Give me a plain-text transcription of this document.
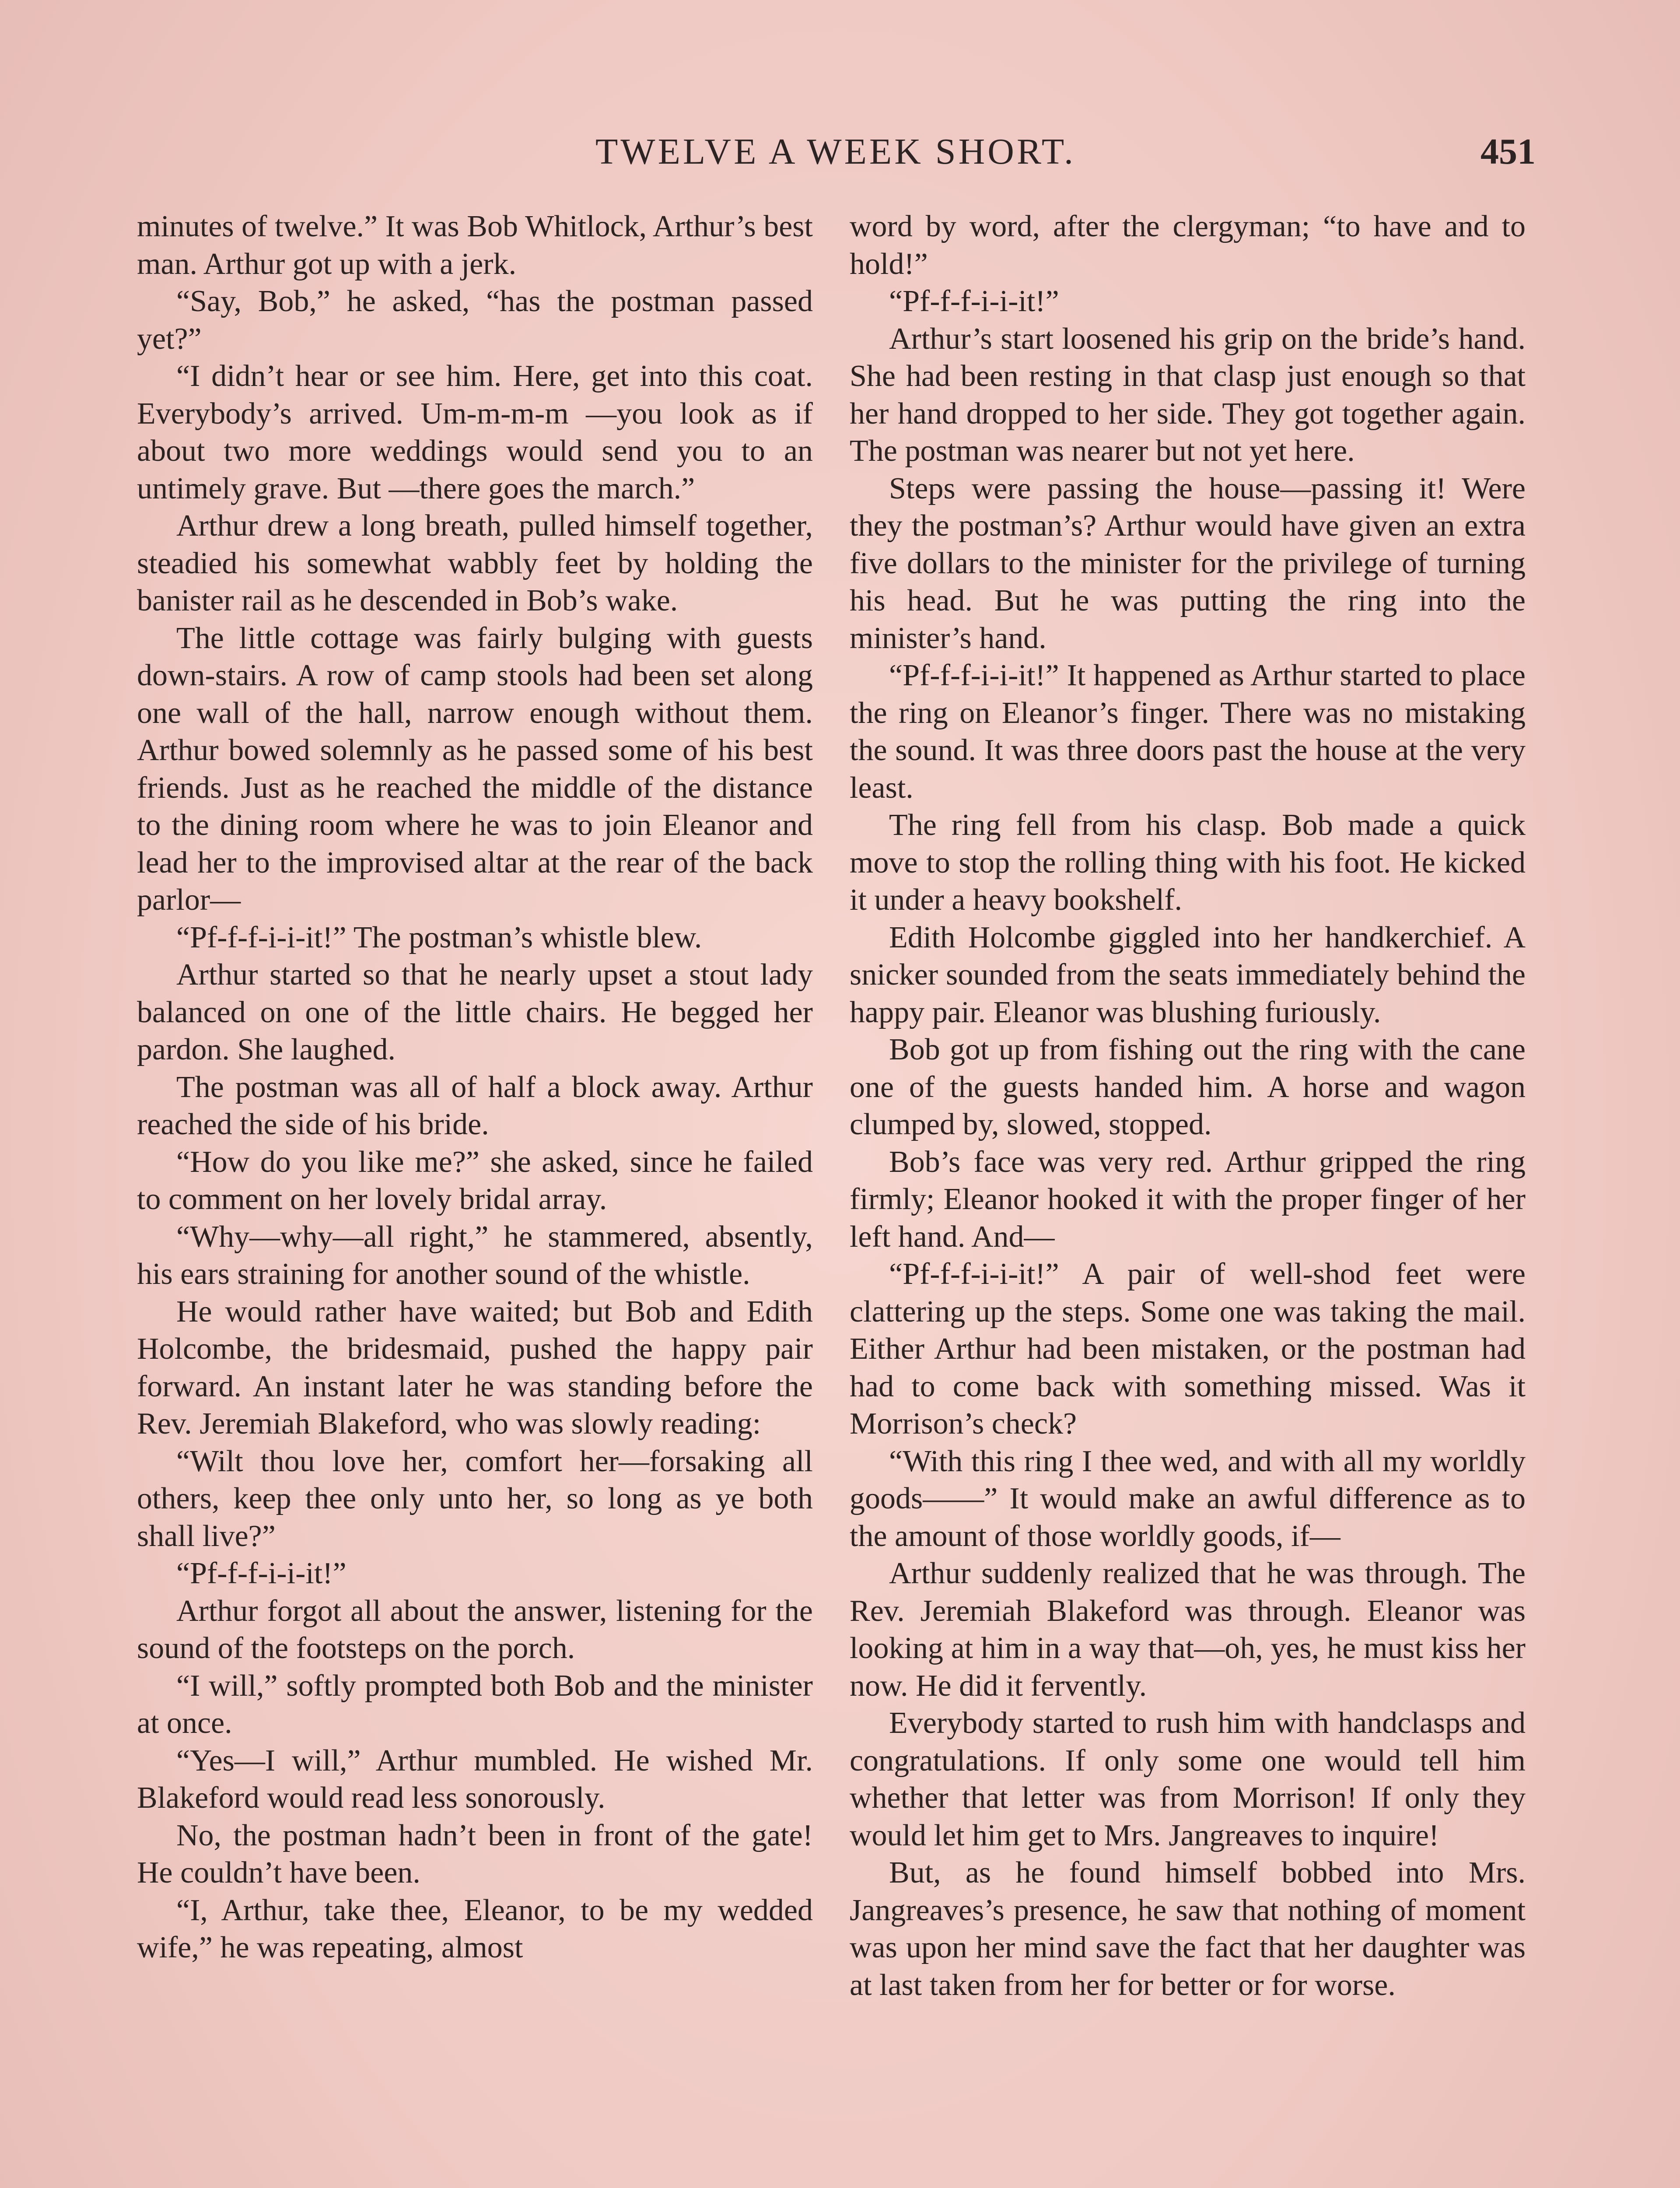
TWELVE A WEEK SHORT.	451

minutes of twelve.” It was Bob Whitlock, Arthur’s best man. Arthur got up with a jerk.

“Say, Bob,” he asked, “has the postman passed yet?”

“I didn’t hear or see him. Here, get into this coat. Everybody’s arrived. Um-m-m-m —you look as if about two more weddings would send you to an untimely grave. But —there goes the march.”

Arthur drew a long breath, pulled himself together, steadied his somewhat wabbly feet by holding the banister rail as he descended in Bob’s wake.

The little cottage was fairly bulging with guests down-stairs. A row of camp stools had been set along one wall of the hall, narrow enough without them. Arthur bowed solemnly as he passed some of his best friends. Just as he reached the middle of the distance to the dining room where he was to join Eleanor and lead her to the improvised altar at the rear of the back parlor—

“Pf-f-f-i-i-it!” The postman’s whistle blew.

Arthur started so that he nearly upset a stout lady balanced on one of the little chairs. He begged her pardon. She laughed.

The postman was all of half a block away. Arthur reached the side of his bride.

“How do you like me?” she asked, since he failed to comment on her lovely bridal array.

“Why—why—all right,” he stammered, absently, his ears straining for another sound of the whistle.

He would rather have waited; but Bob and Edith Holcombe, the bridesmaid, pushed the happy pair forward. An instant later he was standing before the Rev. Jeremiah Blakeford, who was slowly reading:

“Wilt thou love her, comfort her—forsaking all others, keep thee only unto her, so long as ye both shall live?”

“Pf-f-f-i-i-it!”

Arthur forgot all about the answer, listening for the sound of the footsteps on the porch.

“I will,” softly prompted both Bob and the minister at once.

“Yes—I will,” Arthur mumbled. He wished Mr. Blakeford would read less sonorously.

No, the postman hadn’t been in front of the gate! He couldn’t have been.

“I, Arthur, take thee, Eleanor, to be my wedded wife,” he was repeating, almost

word by word, after the clergyman; “to have and to hold!”

“Pf-f-f-i-i-it!”

Arthur’s start loosened his grip on the bride’s hand. She had been resting in that clasp just enough so that her hand dropped to her side. They got together again. The postman was nearer but not yet here.

Steps were passing the house—passing it! Were they the postman’s? Arthur would have given an extra five dollars to the minister for the privilege of turning his head. But he was putting the ring into the minister’s hand.

“Pf-f-f-i-i-it!” It happened as Arthur started to place the ring on Eleanor’s finger. There was no mistaking the sound. It was three doors past the house at the very least.

The ring fell from his clasp. Bob made a quick move to stop the rolling thing with his foot. He kicked it under a heavy bookshelf.

Edith Holcombe giggled into her handkerchief. A snicker sounded from the seats immediately behind the happy pair. Eleanor was blushing furiously.

Bob got up from fishing out the ring with the cane one of the guests handed him. A horse and wagon clumped by, slowed, stopped.

Bob’s face was very red. Arthur gripped the ring firmly; Eleanor hooked it with the proper finger of her left hand. And—

“Pf-f-f-i-i-it!” A pair of well-shod feet were clattering up the steps. Some one was taking the mail. Either Arthur had been mistaken, or the postman had had to come back with something missed. Was it Morrison’s check?

“With this ring I thee wed, and with all my worldly goods——” It would make an awful difference as to the amount of those worldly goods, if—

Arthur suddenly realized that he was through. The Rev. Jeremiah Blakeford was through. Eleanor was looking at him in a way that—oh, yes, he must kiss her now. He did it fervently.

Everybody started to rush him with handclasps and congratulations. If only some one would tell him whether that letter was from Morrison! If only they would let him get to Mrs. Jangreaves to inquire!

But, as he found himself bobbed into Mrs. Jangreaves’s presence, he saw that nothing of moment was upon her mind save the fact that her daughter was at last taken from her for better or for worse.
